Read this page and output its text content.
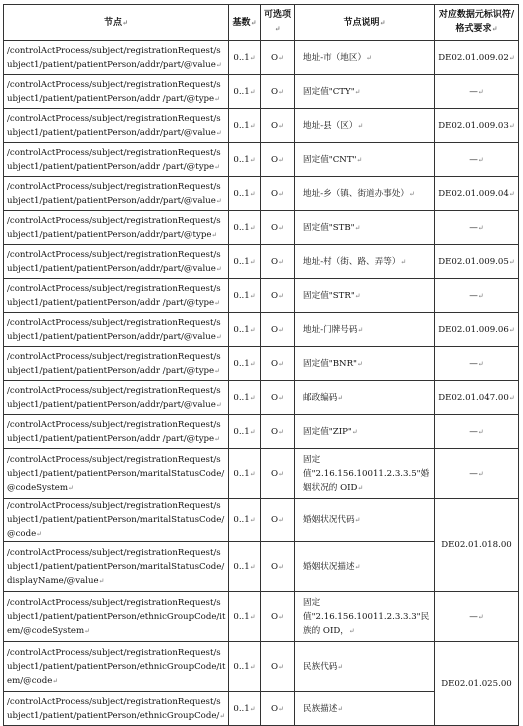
节点↵	基数↵	可选项↵	节点说明↵	对应数据元标识符/格式要求↵
/controlActProcess/subject/registrationRequest/subject1/patient/patientPerson/addr/part/@value↵	0..1↵	O↵	地址-市（地区）↵	DE02.01.009.02↵
/controlActProcess/subject/registrationRequest/subject1/patient/patientPerson/addr /part/@type↵	0..1↵	O↵	固定值"CTY"↵	—↵
/controlActProcess/subject/registrationRequest/subject1/patient/patientPerson/addr/part/@value↵	0..1↵	O↵	地址-县（区）↵	DE02.01.009.03↵
/controlActProcess/subject/registrationRequest/subject1/patient/patientPerson/addr /part/@type↵	0..1↵	O↵	固定值"CNT"↵	—↵
/controlActProcess/subject/registrationRequest/subject1/patient/patientPerson/addr/part/@value↵	0..1↵	O↵	地址-乡（镇、街道办事处）↵	DE02.01.009.04↵
/controlActProcess/subject/registrationRequest/subject1/patient/patientPerson/addr/part/@type↵	0..1↵	O↵	固定值"STB"↵	—↵
/controlActProcess/subject/registrationRequest/subject1/patient/patientPerson/addr/part/@value↵	0..1↵	O↵	地址-村（街、路、弄等）↵	DE02.01.009.05↵
/controlActProcess/subject/registrationRequest/subject1/patient/patientPerson/addr /part/@type↵	0..1↵	O↵	固定值"STR"↵	—↵
/controlActProcess/subject/registrationRequest/subject1/patient/patientPerson/addr/part/@value↵	0..1↵	O↵	地址-门牌号码↵	DE02.01.009.06↵
/controlActProcess/subject/registrationRequest/subject1/patient/patientPerson/addr /part/@type↵	0..1↵	O↵	固定值"BNR"↵	—↵
/controlActProcess/subject/registrationRequest/subject1/patient/patientPerson/addr/part/@value↵	0..1↵	O↵	邮政编码↵	DE02.01.047.00↵
/controlActProcess/subject/registrationRequest/subject1/patient/patientPerson/addr /part/@type↵	0..1↵	O↵	固定值"ZIP"↵	—↵
/controlActProcess/subject/registrationRequest/subject1/patient/patientPerson/maritalStatusCode/@codeSystem↵	0..1↵	O↵	固定值"2.16.156.10011.2.3.3.5"婚姻状况的 OID↵	—↵
/controlActProcess/subject/registrationRequest/subject1/patient/patientPerson/maritalStatusCode/@code↵	0..1↵	O↵	婚姻状况代码↵	DE02.01.018.00
/controlActProcess/subject/registrationRequest/subject1/patient/patientPerson/maritalStatusCode/displayName/@value↵	0..1↵	O↵	婚姻状况描述↵	
/controlActProcess/subject/registrationRequest/subject1/patient/patientPerson/ethnicGroupCode/item/@codeSystem↵	0..1↵	O↵	固定值"2.16.156.10011.2.3.3.3"民族的 OID，↵	—↵
/controlActProcess/subject/registrationRequest/subject1/patient/patientPerson/ethnicGroupCode/item/@code↵	0..1↵	O↵	民族代码↵	DE02.01.025.00
/controlActProcess/subject/registrationRequest/subject1/patient/patientPerson/ethnicGroupCode/↵	0..1↵	O↵	民族描述↵	
